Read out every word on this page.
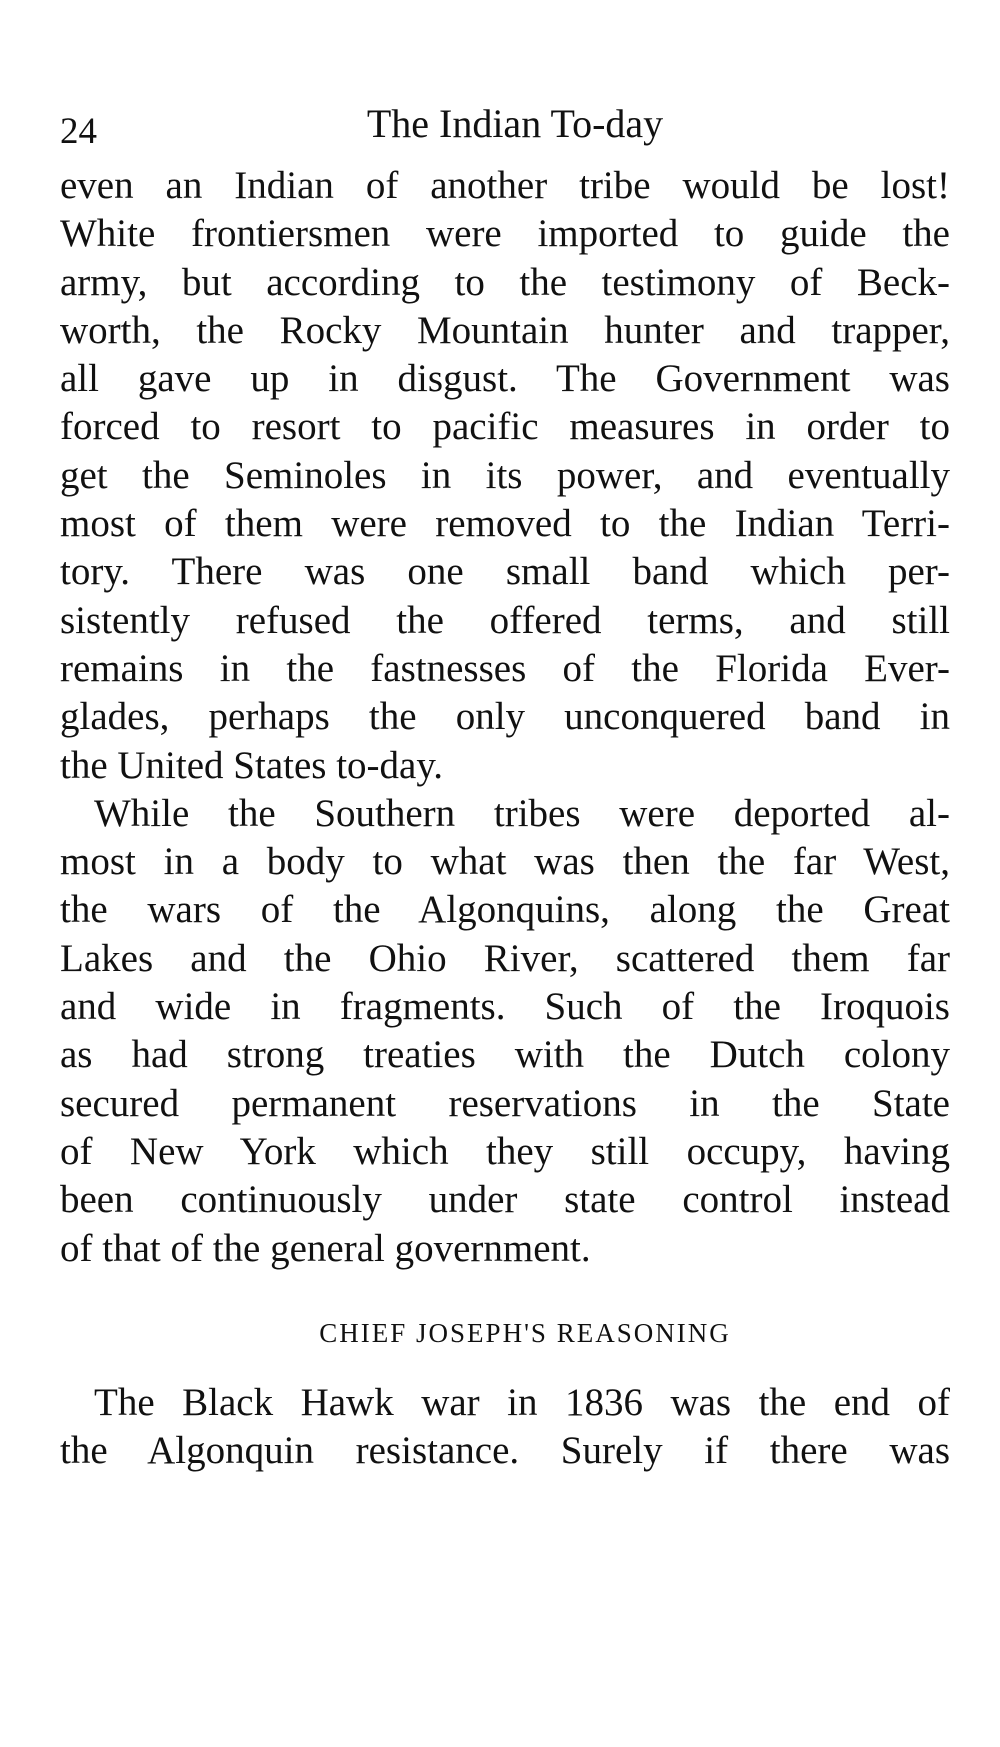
24	The Indian To-day
even an Indian of another tribe would be lost!
White frontiersmen were imported to guide the
army, but according to the testimony of Beck-
worth, the Rocky Mountain hunter and trapper,
all gave up in disgust. The Government was
forced to resort to pacific measures in order to
get the Seminoles in its power, and eventually
most of them were removed to the Indian Terri-
tory. There was one small band which per-
sistently refused the offered terms, and still
remains in the fastnesses of the Florida Ever-
glades, perhaps the only unconquered band in
the United States to-day.
While the Southern tribes were deported al-
most in a body to what was then the far West,
the wars of the Algonquins, along the Great
Lakes and the Ohio River, scattered them far
and wide in fragments. Such of the Iroquois
as had strong treaties with the Dutch colony
secured permanent reservations in the State
of New York which they still occupy, having
been continuously under state control instead
of that of the general government.
CHIEF JOSEPH'S REASONING
The Black Hawk war in 1836 was the end of
the Algonquin resistance. Surely if there was
